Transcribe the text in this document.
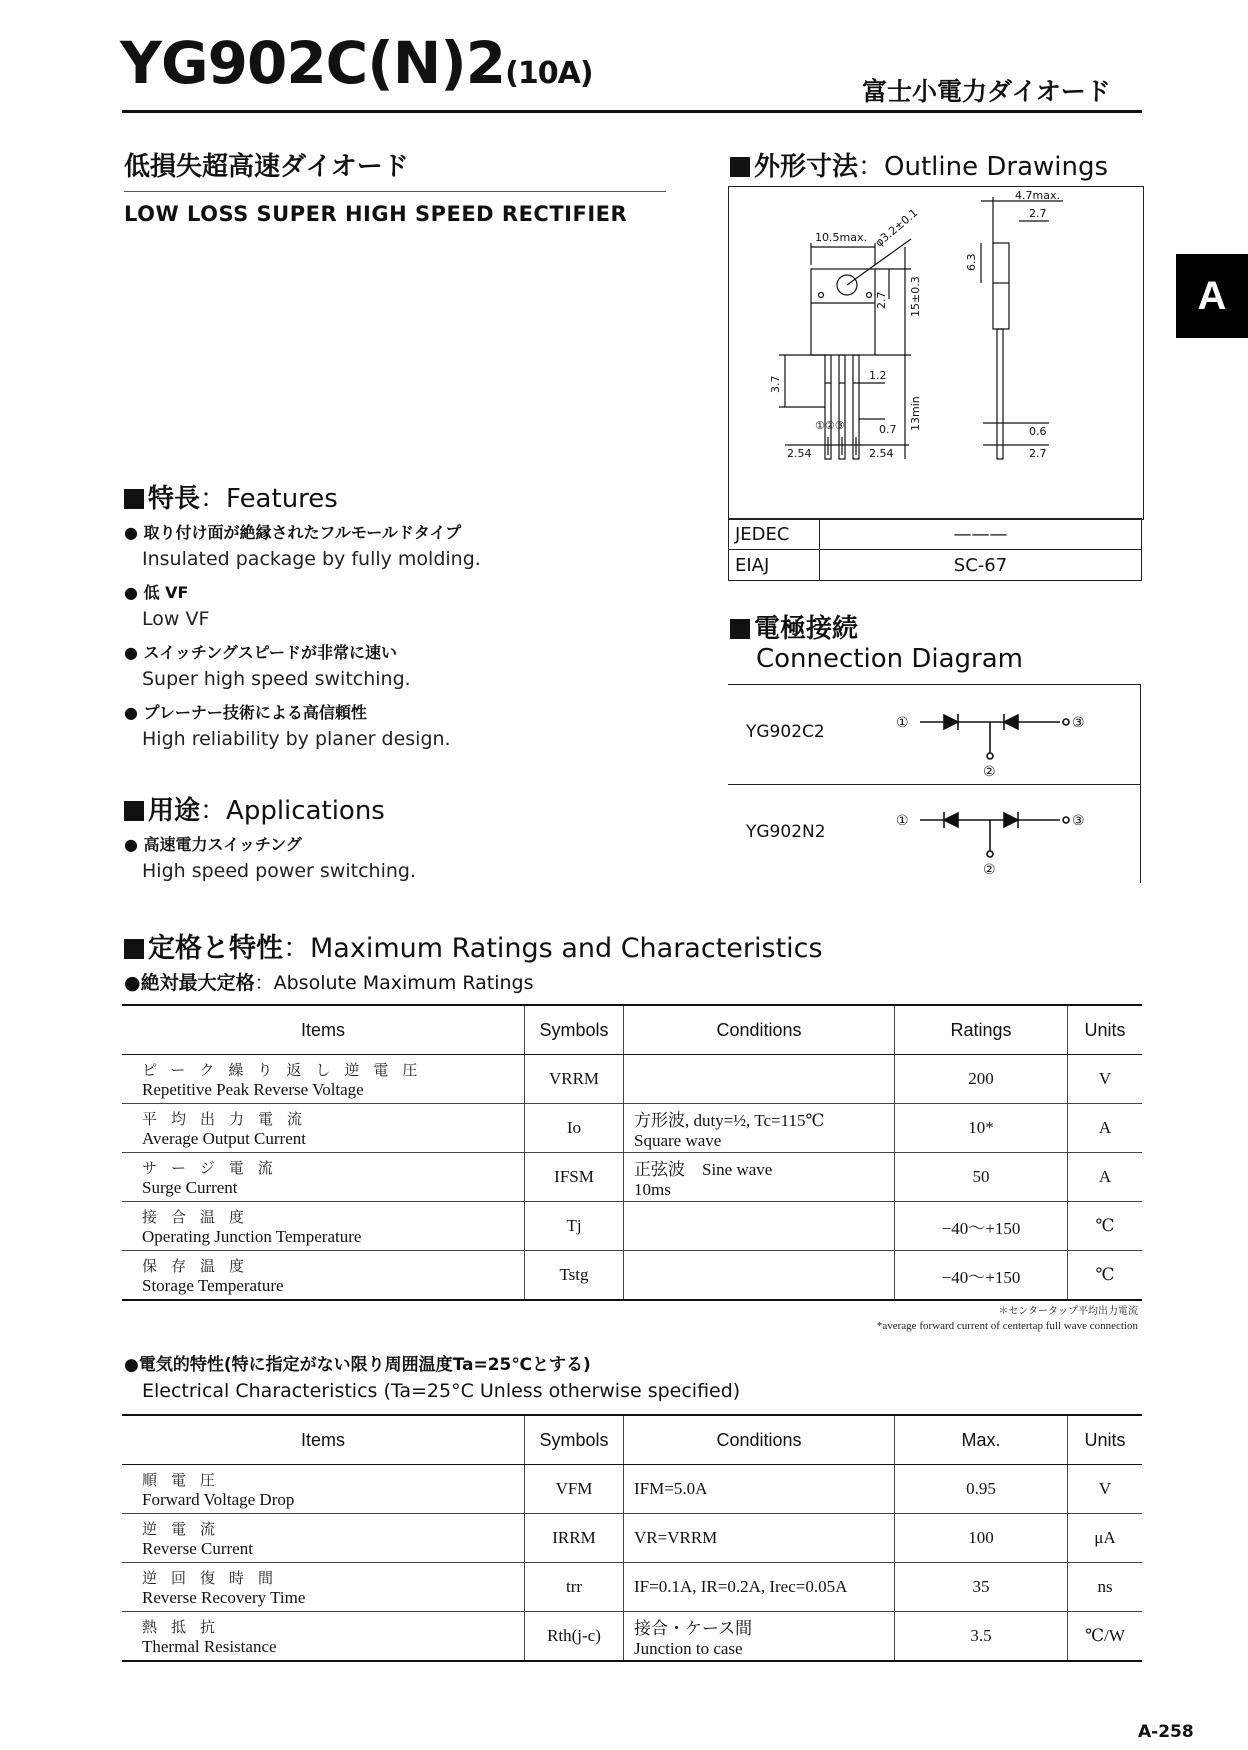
YG902C(N)2(10A)
富士小電力ダイオード
低損失超高速ダイオード
LOW LOSS SUPER HIGH SPEED RECTIFIER
A
外形寸法：Outline Drawings
10.5max. φ3.2±0.1
2.7 15±0.3
6.3
4.7max.
2.7
3.7	1.2
13min
①②③	0.7
2.54	2.54
0.6
2.7
JEDEC	———
EIAJ	SC-67
電極接続
Connection Diagram
YG902C2
YG902N2
①	③
②
①	③
②
特長：Features
● 取り付け面が絶縁されたフルモールドタイプ
Insulated package by fully molding.
● 低 VF
Low VF
● スイッチングスピードが非常に速い
Super high speed switching.
● プレーナー技術による高信頼性
High reliability by planer design.
用途：Applications
● 高速電力スイッチング
High speed power switching.
定格と特性：Maximum Ratings and Characteristics
●絶対最大定格：Absolute Maximum Ratings
Items	Symbols	Conditions	Ratings	Units

ピーク繰り返し逆電圧
Repetitive Peak Reverse Voltage	VRRM		200	V

平均出力電流
Average Output Current	Io	方形波, duty=½, Tc=115℃
Square wave	10*	A

サージ電流
Surge Current	IFSM	正弦波　Sine wave
10ms	50	A

接合温度
Operating Junction Temperature	Tj		−40～+150	℃

保存温度
Storage Temperature	Tstg		−40～+150	℃
＊センタータップ平均出力電流
*average forward current of centertap full wave connection
●電気的特性(特に指定がない限り周囲温度Ta=25℃とする)
Electrical Characteristics (Ta=25°C Unless otherwise specified)
Items	Symbols	Conditions	Max.	Units

順電圧
Forward Voltage Drop	VFM	IFM=5.0A	0.95	V

逆電流
Reverse Current	IRRM	VR=VRRM	100	μA

逆回復時間
Reverse Recovery Time	trr	IF=0.1A, IR=0.2A, Irec=0.05A	35	ns

熱抵抗
Thermal Resistance	Rth(j-c)	接合・ケース間
Junction to case	3.5	℃/W
A-258
